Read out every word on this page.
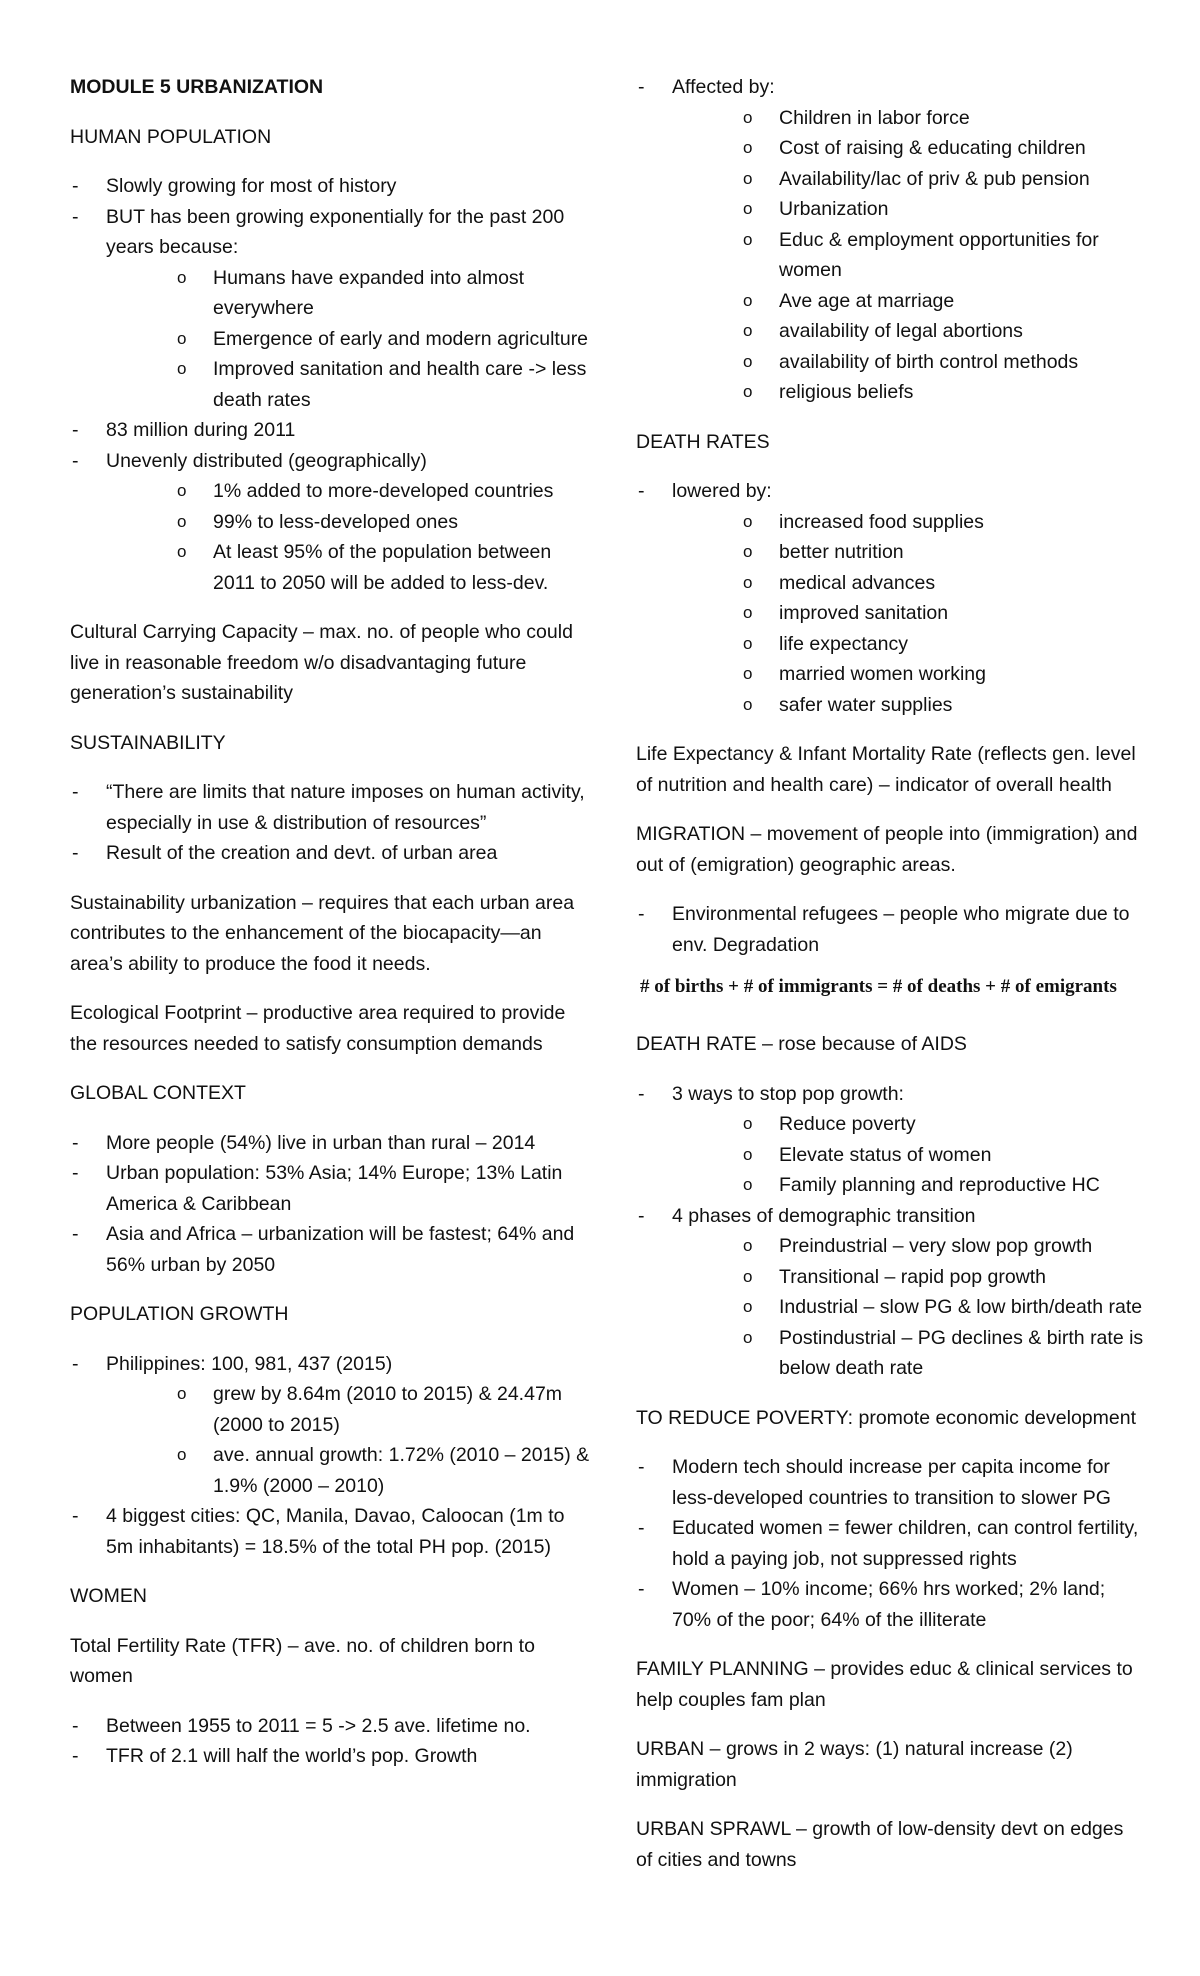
MODULE 5 URBANIZATION

HUMAN POPULATION

- Slowly growing for most of history
- BUT has been growing exponentially for the past 200 years because:
o Humans have expanded into almost everywhere
o Emergence of early and modern agriculture
o Improved sanitation and health care -> less death rates
- 83 million during 2011
- Unevenly distributed (geographically)
o 1% added to more-developed countries
o 99% to less-developed ones
o At least 95% of the population between 2011 to 2050 will be added to less-dev.

Cultural Carrying Capacity – max. no. of people who could live in reasonable freedom w/o disadvantaging future generation’s sustainability

SUSTAINABILITY

- “There are limits that nature imposes on human activity, especially in use & distribution of resources”
- Result of the creation and devt. of urban area

Sustainability urbanization – requires that each urban area contributes to the enhancement of the biocapacity—an area’s ability to produce the food it needs.

Ecological Footprint – productive area required to provide the resources needed to satisfy consumption demands

GLOBAL CONTEXT

- More people (54%) live in urban than rural – 2014
- Urban population: 53% Asia; 14% Europe; 13% Latin America & Caribbean
- Asia and Africa – urbanization will be fastest; 64% and 56% urban by 2050

POPULATION GROWTH

- Philippines: 100, 981, 437 (2015)
o grew by 8.64m (2010 to 2015) & 24.47m (2000 to 2015)
o ave. annual growth: 1.72% (2010 – 2015) & 1.9% (2000 – 2010)
- 4 biggest cities: QC, Manila, Davao, Caloocan (1m to 5m inhabitants) = 18.5% of the total PH pop. (2015)

WOMEN

Total Fertility Rate (TFR) – ave. no. of children born to women

- Between 1955 to 2011 = 5 -> 2.5 ave. lifetime no.
- TFR of 2.1 will half the world’s pop. Growth
- Affected by:
o Children in labor force
o Cost of raising & educating children
o Availability/lac of priv & pub pension
o Urbanization
o Educ & employment opportunities for women
o Ave age at marriage
o availability of legal abortions
o availability of birth control methods
o religious beliefs

DEATH RATES

- lowered by:
o increased food supplies
o better nutrition
o medical advances
o improved sanitation
o life expectancy
o married women working
o safer water supplies

Life Expectancy & Infant Mortality Rate (reflects gen. level of nutrition and health care) – indicator of overall health

MIGRATION – movement of people into (immigration) and out of (emigration) geographic areas.

- Environmental refugees – people who migrate due to env. Degradation
# of births + # of immigrants = # of deaths + # of emigrants

DEATH RATE – rose because of AIDS

- 3 ways to stop pop growth:
o Reduce poverty
o Elevate status of women
o Family planning and reproductive HC
- 4 phases of demographic transition
o Preindustrial – very slow pop growth
o Transitional – rapid pop growth
o Industrial – slow PG & low birth/death rate
o Postindustrial – PG declines & birth rate is below death rate

TO REDUCE POVERTY: promote economic development

- Modern tech should increase per capita income for less-developed countries to transition to slower PG
- Educated women = fewer children, can control fertility, hold a paying job, not suppressed rights
- Women – 10% income; 66% hrs worked; 2% land; 70% of the poor; 64% of the illiterate

FAMILY PLANNING – provides educ & clinical services to help couples fam plan

URBAN – grows in 2 ways: (1) natural increase (2) immigration

URBAN SPRAWL – growth of low-density devt on edges of cities and towns
